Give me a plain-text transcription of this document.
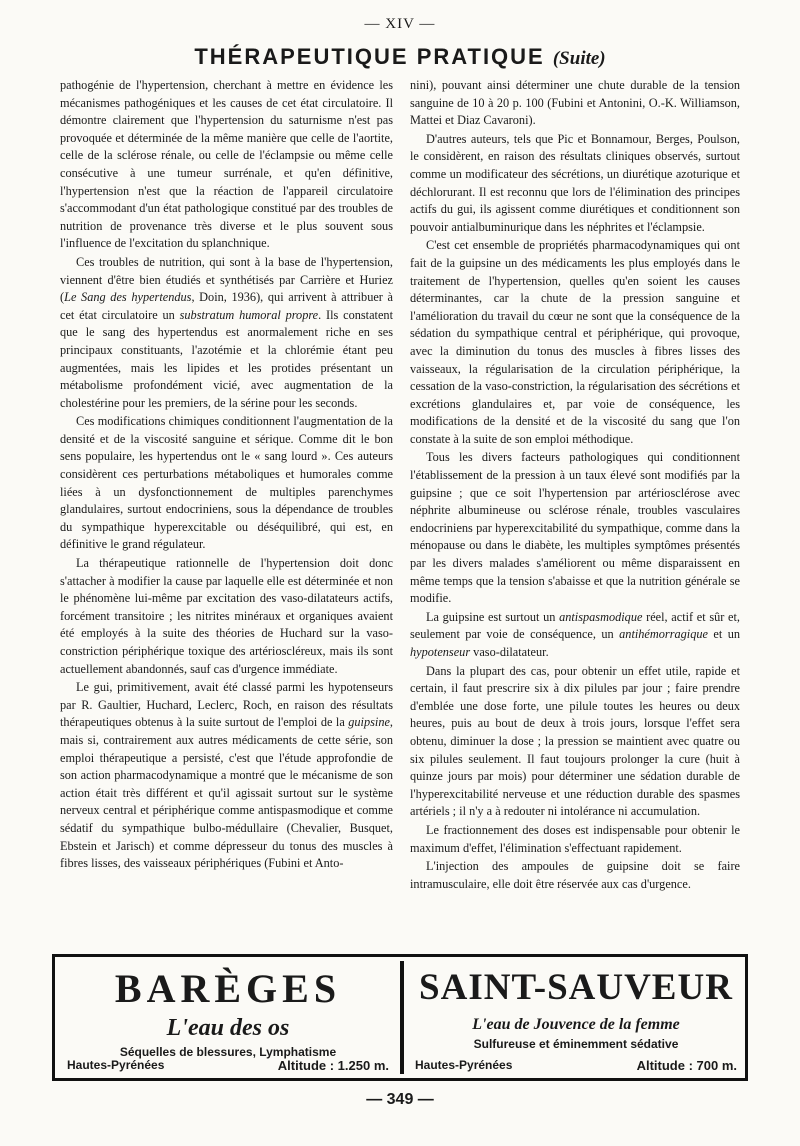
— XIV —
THÉRAPEUTIQUE PRATIQUE (Suite)

pathogénie de l'hypertension, cherchant à mettre en évidence les mécanismes pathogéniques et les causes de cet état circulatoire. Il démontre clairement que l'hypertension du saturnisme n'est pas provoquée et déterminée de la même manière que celle de l'aortite, celle de la sclérose rénale, ou celle de l'éclampsie ou même celle consécutive à une tumeur surrénale, et qu'en définitive, l'hypertension n'est que la réaction de l'appareil circulatoire s'accommodant d'un état pathologique constitué par des troubles de nutrition de provenance très diverse et le plus souvent sous l'influence de l'excitation du splanchnique.

Ces troubles de nutrition, qui sont à la base de l'hypertension, viennent d'être bien étudiés et synthétisés par Carrière et Huriez (Le Sang des hypertendus, Doin, 1936), qui arrivent à attribuer à cet état circulatoire un substratum humoral propre. Ils constatent que le sang des hypertendus est anormalement riche en ses principaux constituants, l'azotémie et la chlorémie étant peu augmentées, mais les lipides et les protides présentant un métabolisme profondément vicié, avec augmentation de la cholestérine pour les premiers, de la sérine pour les seconds.

Ces modifications chimiques conditionnent l'augmentation de la densité et de la viscosité sanguine et sérique. Comme dit le bon sens populaire, les hypertendus ont le « sang lourd ». Ces auteurs considèrent ces perturbations métaboliques et humorales comme liées à un dysfonctionnement de multiples parenchymes glandulaires, surtout endocriniens, sous la dépendance de troubles du sympathique hyperexcitable ou déséquilibré, qui est, en définitive le grand régulateur.

La thérapeutique rationnelle de l'hypertension doit donc s'attacher à modifier la cause par laquelle elle est déterminée et non le phénomène lui-même par excitation des vaso-dilatateurs actifs, forcément transitoire ; les nitrites minéraux et organiques avaient été employés à la suite des théories de Huchard sur la vaso-constriction périphérique toxique des artérioscléreux, mais ils sont actuellement abandonnés, sauf cas d'urgence immédiate.

Le gui, primitivement, avait été classé parmi les hypotenseurs par R. Gaultier, Huchard, Leclerc, Roch, en raison des résultats thérapeutiques obtenus à la suite surtout de l'emploi de la guipsine, mais si, contrairement aux autres médicaments de cette série, son emploi thérapeutique a persisté, c'est que l'étude approfondie de son action pharmacodynamique a montré que le mécanisme de son action était très différent et qu'il agissait surtout sur le système nerveux central et périphérique comme antispasmodique et comme sédatif du sympathique bulbo-médullaire (Chevalier, Busquet, Ebstein et Jarisch) et comme dépresseur du tonus des muscles à fibres lisses, des vaisseaux périphériques (Fubini et Anto-

nini), pouvant ainsi déterminer une chute durable de la tension sanguine de 10 à 20 p. 100 (Fubini et Antonini, O.-K. Williamson, Mattei et Diaz Cavaroni).

D'autres auteurs, tels que Pic et Bonnamour, Berges, Poulson, le considèrent, en raison des résultats cliniques observés, surtout comme un modificateur des sécrétions, un diurétique azoturique et déchlorurant. Il est reconnu que lors de l'élimination des principes actifs du gui, ils agissent comme diurétiques et conditionnent son pouvoir antialbuminurique dans les néphrites et l'éclampsie.

C'est cet ensemble de propriétés pharmacodynamiques qui ont fait de la guipsine un des médicaments les plus employés dans le traitement de l'hypertension, quelles qu'en soient les causes déterminantes, car la chute de la pression sanguine et l'amélioration du travail du cœur ne sont que la conséquence de la sédation du sympathique central et périphérique, qui provoque, avec la diminution du tonus des muscles à fibres lisses des vaisseaux, la régularisation de la circulation périphérique, la cessation de la vaso-constriction, la régularisation des sécrétions et excrétions glandulaires et, par voie de conséquence, les modifications de la densité et de la viscosité du sang que l'on constate à la suite de son emploi méthodique.

Tous les divers facteurs pathologiques qui conditionnent l'établissement de la pression à un taux élevé sont modifiés par la guipsine ; que ce soit l'hypertension par artériosclérose avec néphrite albumineuse ou sclérose rénale, troubles vasculaires endocriniens par hyperexcitabilité du sympathique, comme dans la ménopause ou dans le diabète, les multiples symptômes présentés par les divers malades s'améliorent ou même disparaissent en même temps que la tension s'abaisse et que la nutrition générale se modifie.

La guipsine est surtout un antispasmodique réel, actif et sûr et, seulement par voie de conséquence, un antihémorragique et un hypotenseur vaso-dilatateur.

Dans la plupart des cas, pour obtenir un effet utile, rapide et certain, il faut prescrire six à dix pilules par jour ; faire prendre d'emblée une dose forte, une pilule toutes les heures ou deux heures, puis au bout de deux à trois jours, lorsque l'effet sera obtenu, diminuer la dose ; la pression se maintient avec quatre ou six pilules seulement. Il faut toujours prolonger la cure (huit à quinze jours par mois) pour déterminer une sédation durable de l'hyperexcitabilité nerveuse et une réduction durable des spasmes artériels ; il n'y a à redouter ni intolérance ni accumulation.

Le fractionnement des doses est indispensable pour obtenir le maximum d'effet, l'élimination s'effectuant rapidement.

L'injection des ampoules de guipsine doit se faire intramusculaire, elle doit être réservée aux cas d'urgence.

BARÈGES
L'eau des os
Séquelles de blessures, Lymphatisme
Hautes-Pyrénées	Altitude : 1.250 m.
SAINT-SAUVEUR
L'eau de Jouvence de la femme
Sulfureuse et éminemment sédative
Hautes-Pyrénées	Altitude : 700 m.
— 349 —
